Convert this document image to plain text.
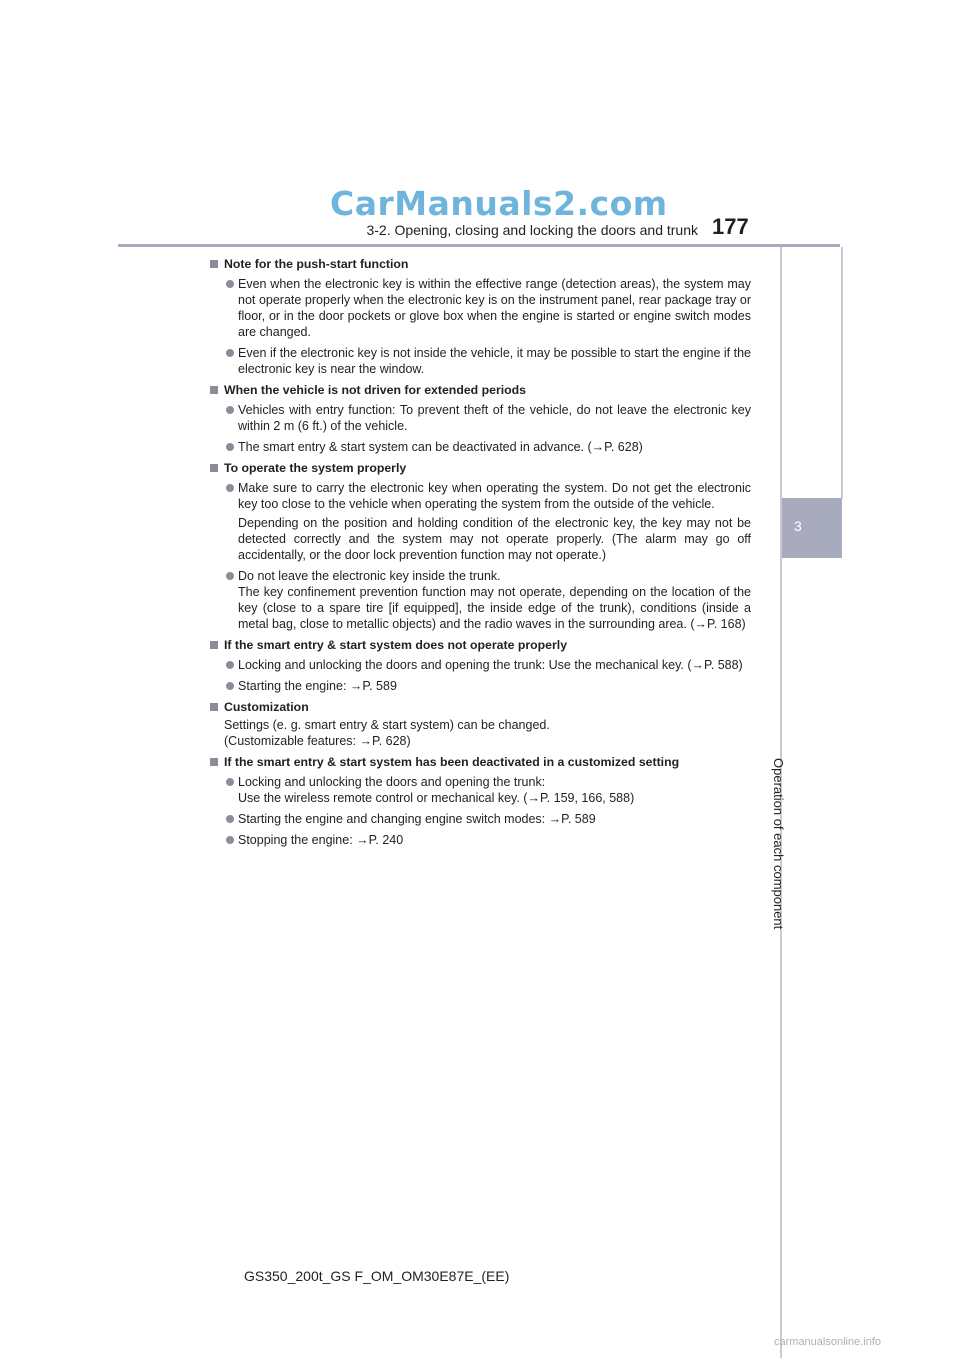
CarManuals2.com
3-2. Opening, closing and locking the doors and trunk 177
3
Operation of each component
Note for the push-start function
Even when the electronic key is within the effective range (detection areas), the system may not operate properly when the electronic key is on the instrument panel, rear package tray or floor, or in the door pockets or glove box when the engine is started or engine switch modes are changed.
Even if the electronic key is not inside the vehicle, it may be possible to start the engine if the electronic key is near the window.
When the vehicle is not driven for extended periods
Vehicles with entry function: To prevent theft of the vehicle, do not leave the electronic key within 2 m (6 ft.) of the vehicle.
The smart entry & start system can be deactivated in advance. (→P. 628)
To operate the system properly
Make sure to carry the electronic key when operating the system. Do not get the electronic key too close to the vehicle when operating the system from the outside of the vehicle.
Depending on the position and holding condition of the electronic key, the key may not be detected correctly and the system may not operate properly. (The alarm may go off accidentally, or the door lock prevention function may not operate.)
Do not leave the electronic key inside the trunk.
The key confinement prevention function may not operate, depending on the location of the key (close to a spare tire [if equipped], the inside edge of the trunk), conditions (inside a metal bag, close to metallic objects) and the radio waves in the surrounding area. (→P. 168)
If the smart entry & start system does not operate properly
Locking and unlocking the doors and opening the trunk: Use the mechanical key. (→P. 588)
Starting the engine: →P. 589
Customization
Settings (e. g. smart entry & start system) can be changed.
(Customizable features: →P. 628)
If the smart entry & start system has been deactivated in a customized setting
Locking and unlocking the doors and opening the trunk:
Use the wireless remote control or mechanical key. (→P. 159, 166, 588)
Starting the engine and changing engine switch modes: →P. 589
Stopping the engine: →P. 240
GS350_200t_GS F_OM_OM30E87E_(EE)
carmanualsonline.info
